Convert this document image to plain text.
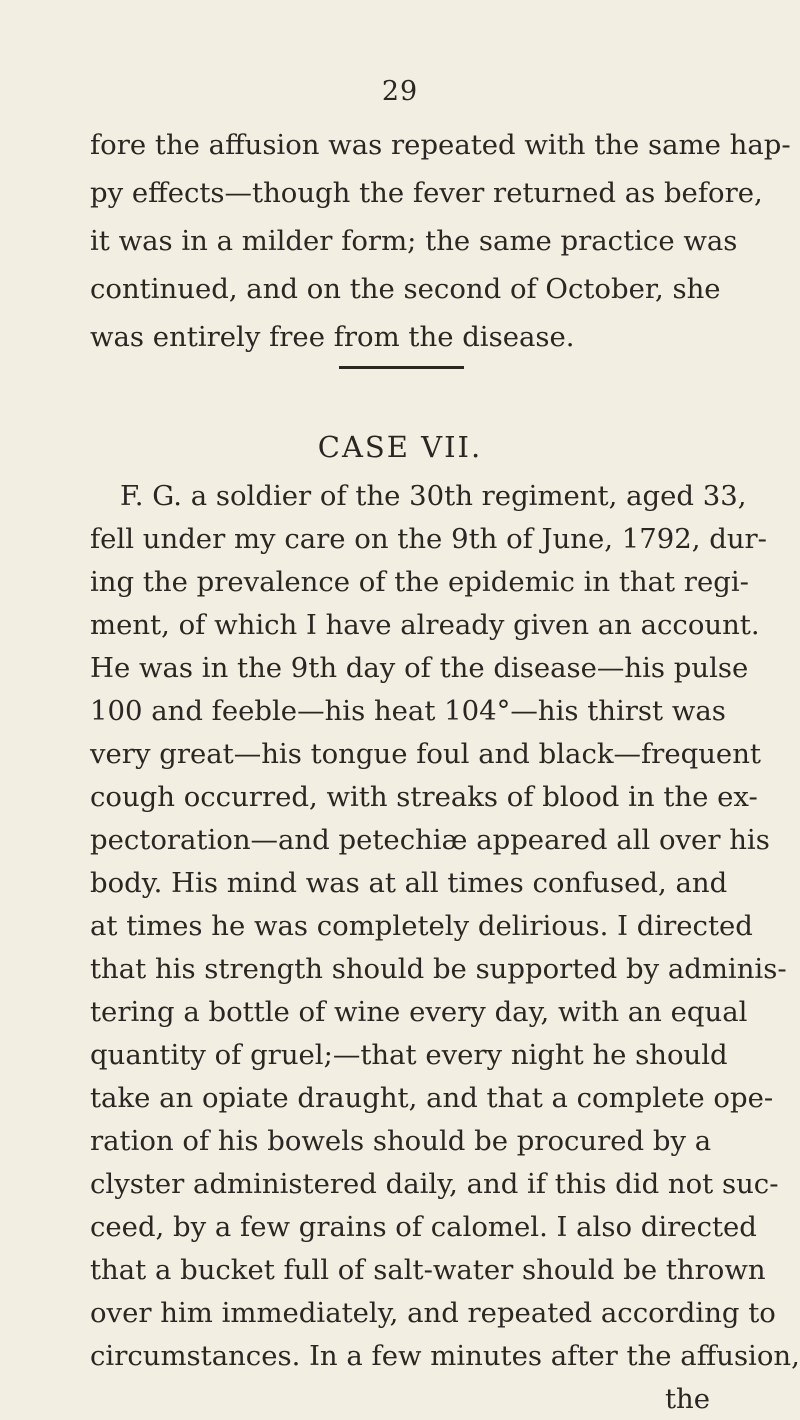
29
fore the affusion was repeated with the same hap-
py effects—though the fever returned as before,
it was in a milder form; the same practice was
continued, and on the second of October, she
was entirely free from the disease.
CASE VII.
F. G. a soldier of the 30th regiment, aged 33,
fell under my care on the 9th of June, 1792, dur-
ing the prevalence of the epidemic in that regi-
ment, of which I have already given an account.
He was in the 9th day of the disease—his pulse
100 and feeble—his heat 104°—his thirst was
very great—his tongue foul and black—frequent
cough occurred, with streaks of blood in the ex-
pectoration—and petechiæ appeared all over his
body. His mind was at all times confused, and
at times he was completely delirious. I directed
that his strength should be supported by adminis-
tering a bottle of wine every day, with an equal
quantity of gruel;—that every night he should
take an opiate draught, and that a complete ope-
ration of his bowels should be procured by a
clyster administered daily, and if this did not suc-
ceed, by a few grains of calomel. I also directed
that a bucket full of salt-water should be thrown
over him immediately, and repeated according to
circumstances. In a few minutes after the affusion,
the
